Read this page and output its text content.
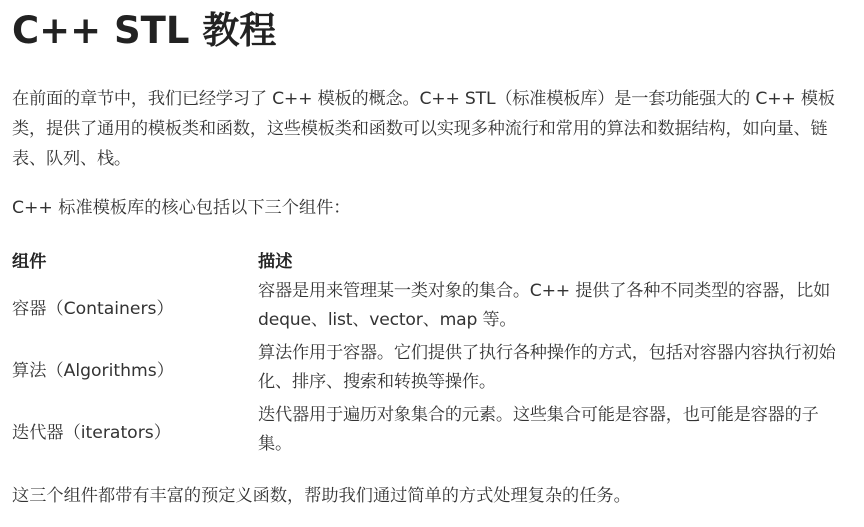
C++ STL 教程

在前面的章节中，我们已经学习了 C++ 模板的概念。C++ STL（标准模板库）是一套功能强大的 C++ 模板类，提供了通用的模板类和函数，这些模板类和函数可以实现多种流行和常用的算法和数据结构，如向量、链表、队列、栈。

C++ 标准模板库的核心包括以下三个组件：

组件	描述
容器（Containers）	容器是用来管理某一类对象的集合。C++ 提供了各种不同类型的容器，比如 deque、list、vector、map 等。
算法（Algorithms）	算法作用于容器。它们提供了执行各种操作的方式，包括对容器内容执行初始化、排序、搜索和转换等操作。
迭代器（iterators）	迭代器用于遍历对象集合的元素。这些集合可能是容器，也可能是容器的子集。

这三个组件都带有丰富的预定义函数，帮助我们通过简单的方式处理复杂的任务。
